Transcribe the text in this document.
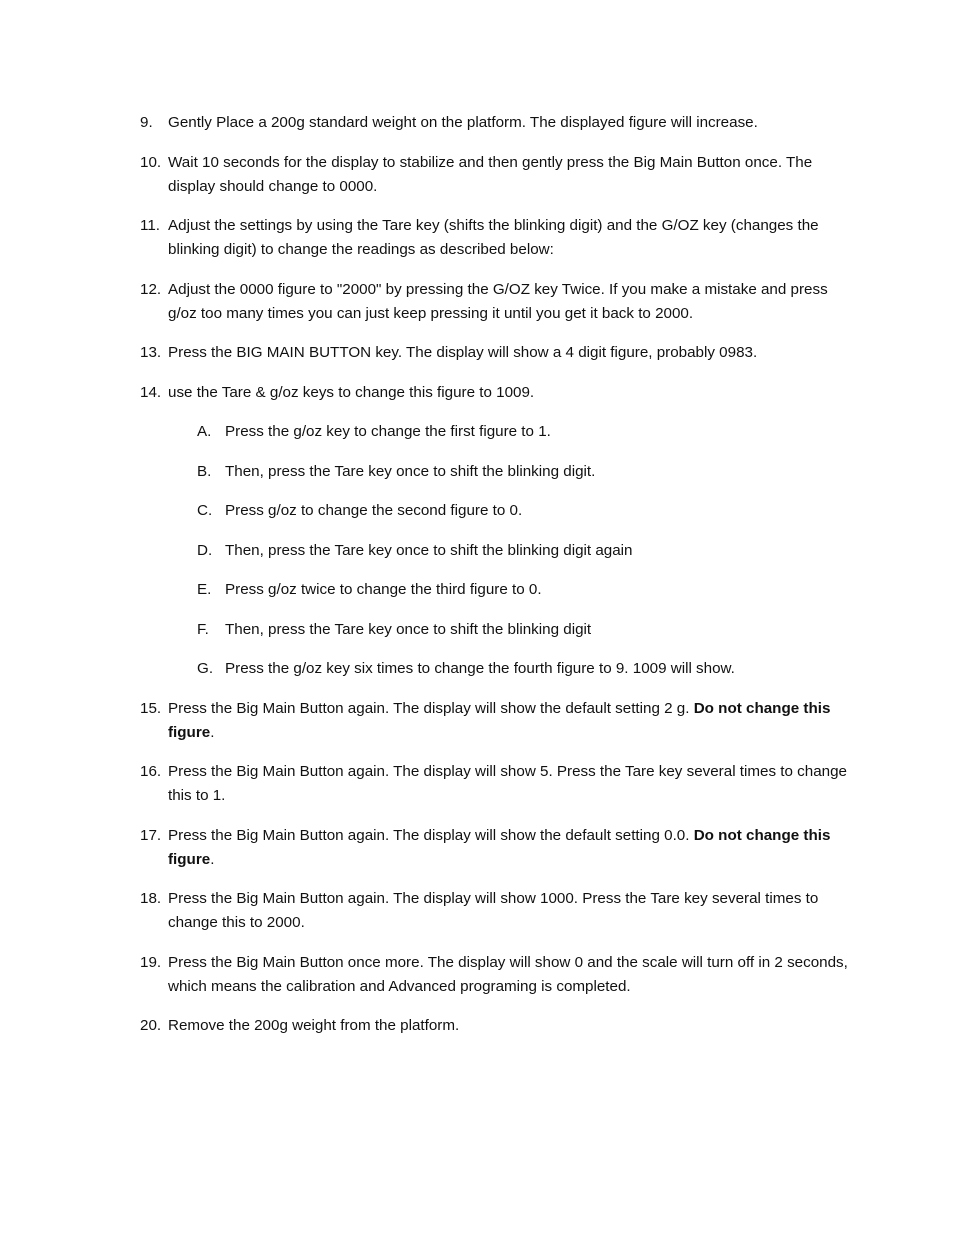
9.	Gently Place a 200g standard weight on the platform. The displayed figure will increase.
10. Wait 10 seconds for the display to stabilize and then gently press the Big Main Button once. The display should change to 0000.
11. Adjust the settings by using the Tare key (shifts the blinking digit) and the G/OZ key (changes the blinking digit) to change the readings as described below:
12. Adjust the 0000 figure to "2000" by pressing the G/OZ key Twice. If you make a mistake and press g/oz too many times you can just keep pressing it until you get it back to 2000.
13. Press the BIG MAIN BUTTON key. The display will show a 4 digit figure, probably 0983.
14. use the Tare & g/oz keys to change this figure to 1009.
A. Press the g/oz key to change the first figure to 1.
B. Then, press the Tare key once to shift the blinking digit.
C. Press g/oz to change the second figure to 0.
D. Then, press the Tare key once to shift the blinking digit again
E. Press g/oz twice to change the third figure to 0.
F.	Then, press the Tare key once to shift the blinking digit
G. Press the g/oz key six times to change the fourth figure to 9. 1009 will show.
15. Press the Big Main Button again. The display will show the default setting 2 g. Do not change this figure.
16. Press the Big Main Button again. The display will show 5. Press the Tare key several times to change this to 1.
17. Press the Big Main Button again. The display will show the default setting 0.0. Do not change this figure.
18. Press the Big Main Button again. The display will show 1000. Press the Tare key several times to change this to 2000.
19. Press the Big Main Button once more. The display will show 0 and the scale will turn off in 2 seconds, which means the calibration and Advanced programing is completed.
20. Remove the 200g weight from the platform.
